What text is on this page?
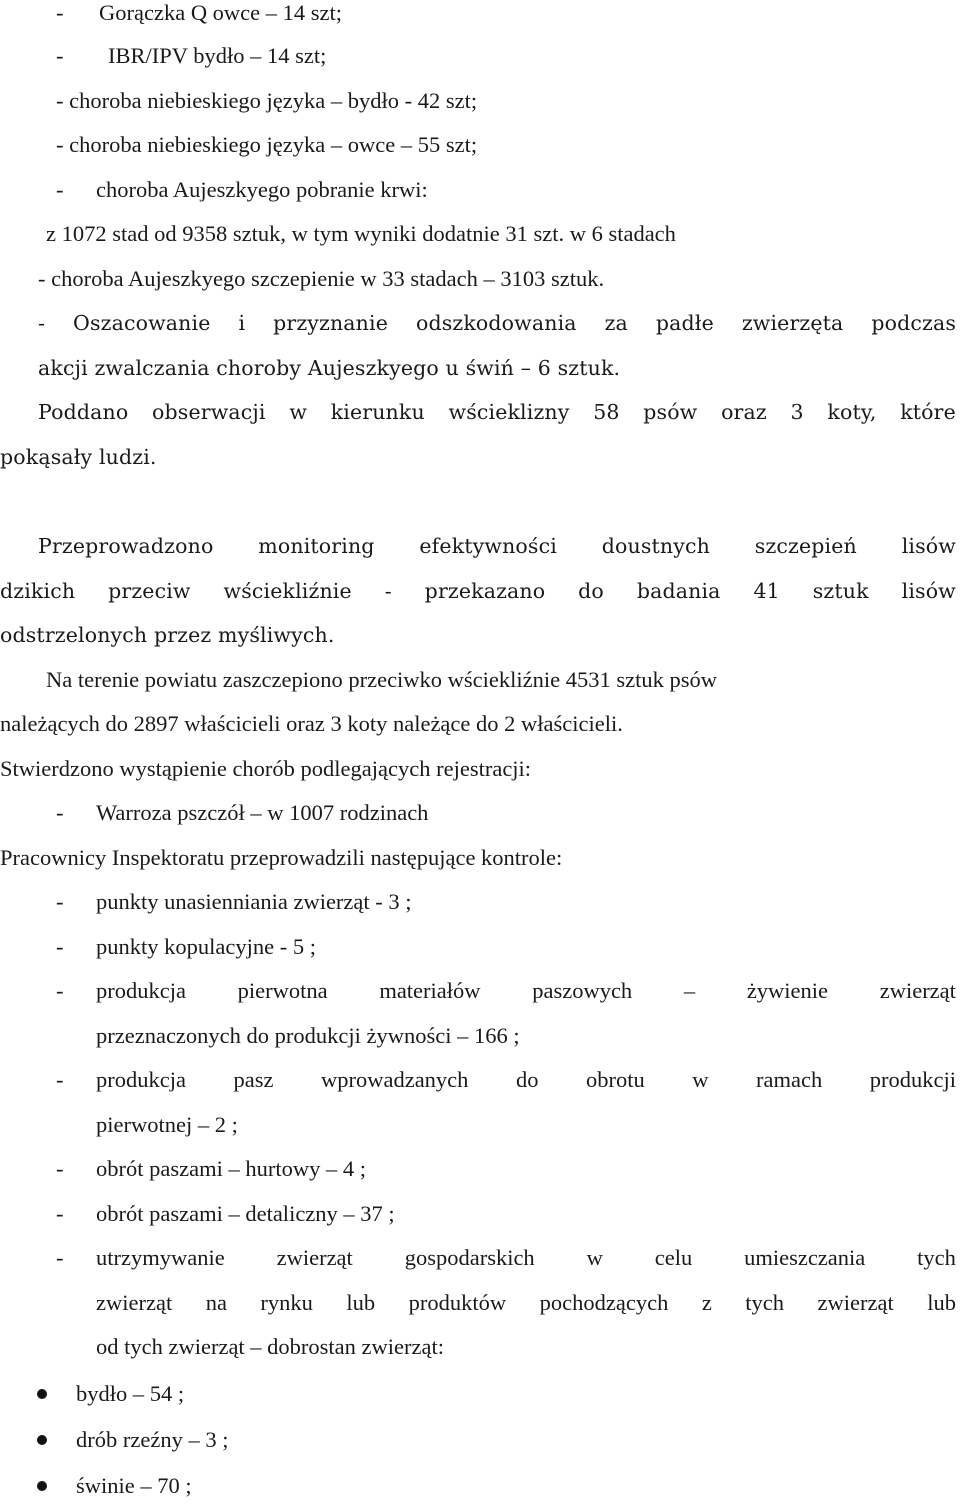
- Gorączka Q owce – 14 szt;
- IBR/IPV bydło – 14 szt;
- choroba niebieskiego języka – bydło - 42 szt;
- choroba niebieskiego języka – owce – 55 szt;
- choroba Aujeszkyego pobranie krwi:
z 1072 stad od 9358 sztuk, w tym wyniki dodatnie 31 szt. w 6 stadach
- choroba Aujeszkyego szczepienie w 33 stadach – 3103 sztuk.
- Oszacowanie i przyznanie odszkodowania za padłe zwierzęta podczas
akcji zwalczania choroby Aujeszkyego u świń – 6 sztuk.
Poddano obserwacji w kierunku wścieklizny 58 psów oraz 3 koty, które
pokąsały ludzi.
Przeprowadzono monitoring efektywności doustnych szczepień lisów
dzikich przeciw wściekliźnie - przekazano do badania 41 sztuk lisów
odstrzelonych przez myśliwych.
Na terenie powiatu zaszczepiono przeciwko wściekliźnie 4531 sztuk psów
należących do 2897 właścicieli oraz 3 koty należące do 2 właścicieli.
Stwierdzono wystąpienie chorób podlegających rejestracji:
- Warroza pszczół – w 1007 rodzinach
Pracownicy Inspektoratu przeprowadzili następujące kontrole:
- punkty unasienniania zwierząt - 3 ;
- punkty kopulacyjne - 5 ;
- produkcja pierwotna materiałów paszowych – żywienie zwierząt
przeznaczonych do produkcji żywności – 166 ;
- produkcja pasz wprowadzanych do obrotu w ramach produkcji
pierwotnej – 2 ;
- obrót paszami – hurtowy – 4 ;
- obrót paszami – detaliczny – 37 ;
- utrzymywanie zwierząt gospodarskich w celu umieszczania tych
zwierząt na rynku lub produktów pochodzących z tych zwierząt lub
od tych zwierząt – dobrostan zwierząt:
bydło – 54 ;
drób rzeźny – 3 ;
świnie – 70 ;
